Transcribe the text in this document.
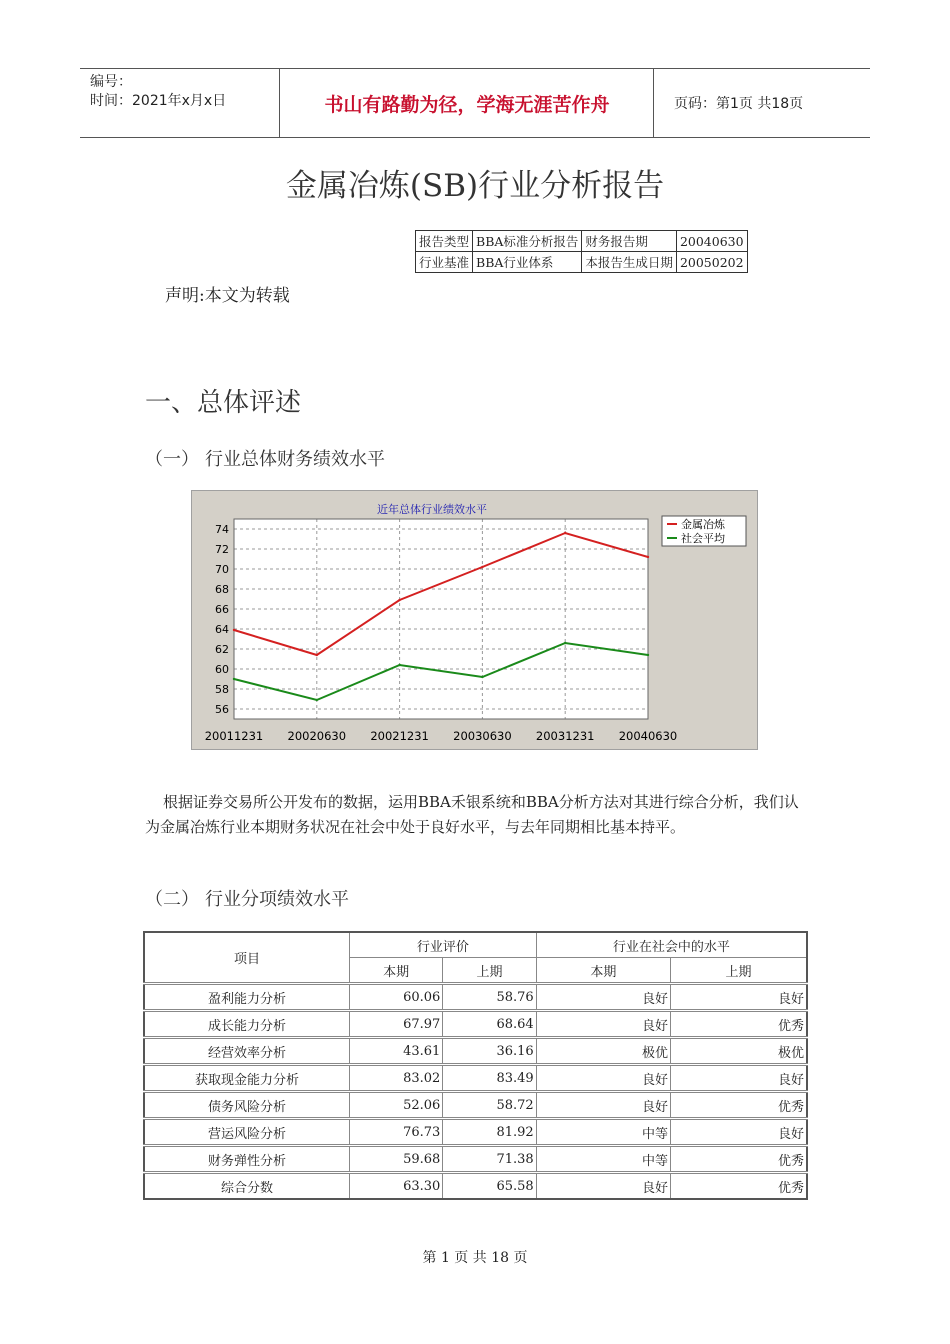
编号：
时间：2021年x月x日	书山有路勤为径，学海无涯苦作舟	页码：第1页 共18页
金属冶炼(SB)行业分析报告
报告类型	BBA标准分析报告	财务报告期	20040630
行业基准	BBA行业体系	本报告生成日期	20050202
声明:本文为转载
一、总体评述
（一） 行业总体财务绩效水平
56
58
60
62
64
66
68
70
72
74
20011231 20020630 20021231 20030630 20031231 20040630
近年总体行业绩效水平
金属冶炼
社会平均
根据证券交易所公开发布的数据，运用BBA禾银系统和BBA分析方法对其进行综合分析，我们认为金属冶炼行业本期财务状况在社会中处于良好水平，与去年同期相比基本持平。
（二） 行业分项绩效水平
项目	行业评价		行业在社会中的水平	
	本期	上期	本期	上期
盈利能力分析	60.06	58.76	良好	良好
成长能力分析	67.97	68.64	良好	优秀
经营效率分析	43.61	36.16	极优	极优
获取现金能力分析	83.02	83.49	良好	良好
债务风险分析	52.06	58.72	良好	优秀
营运风险分析	76.73	81.92	中等	良好
财务弹性分析	59.68	71.38	中等	优秀
综合分数	63.30	65.58	良好	优秀
第 1 页 共 18 页
